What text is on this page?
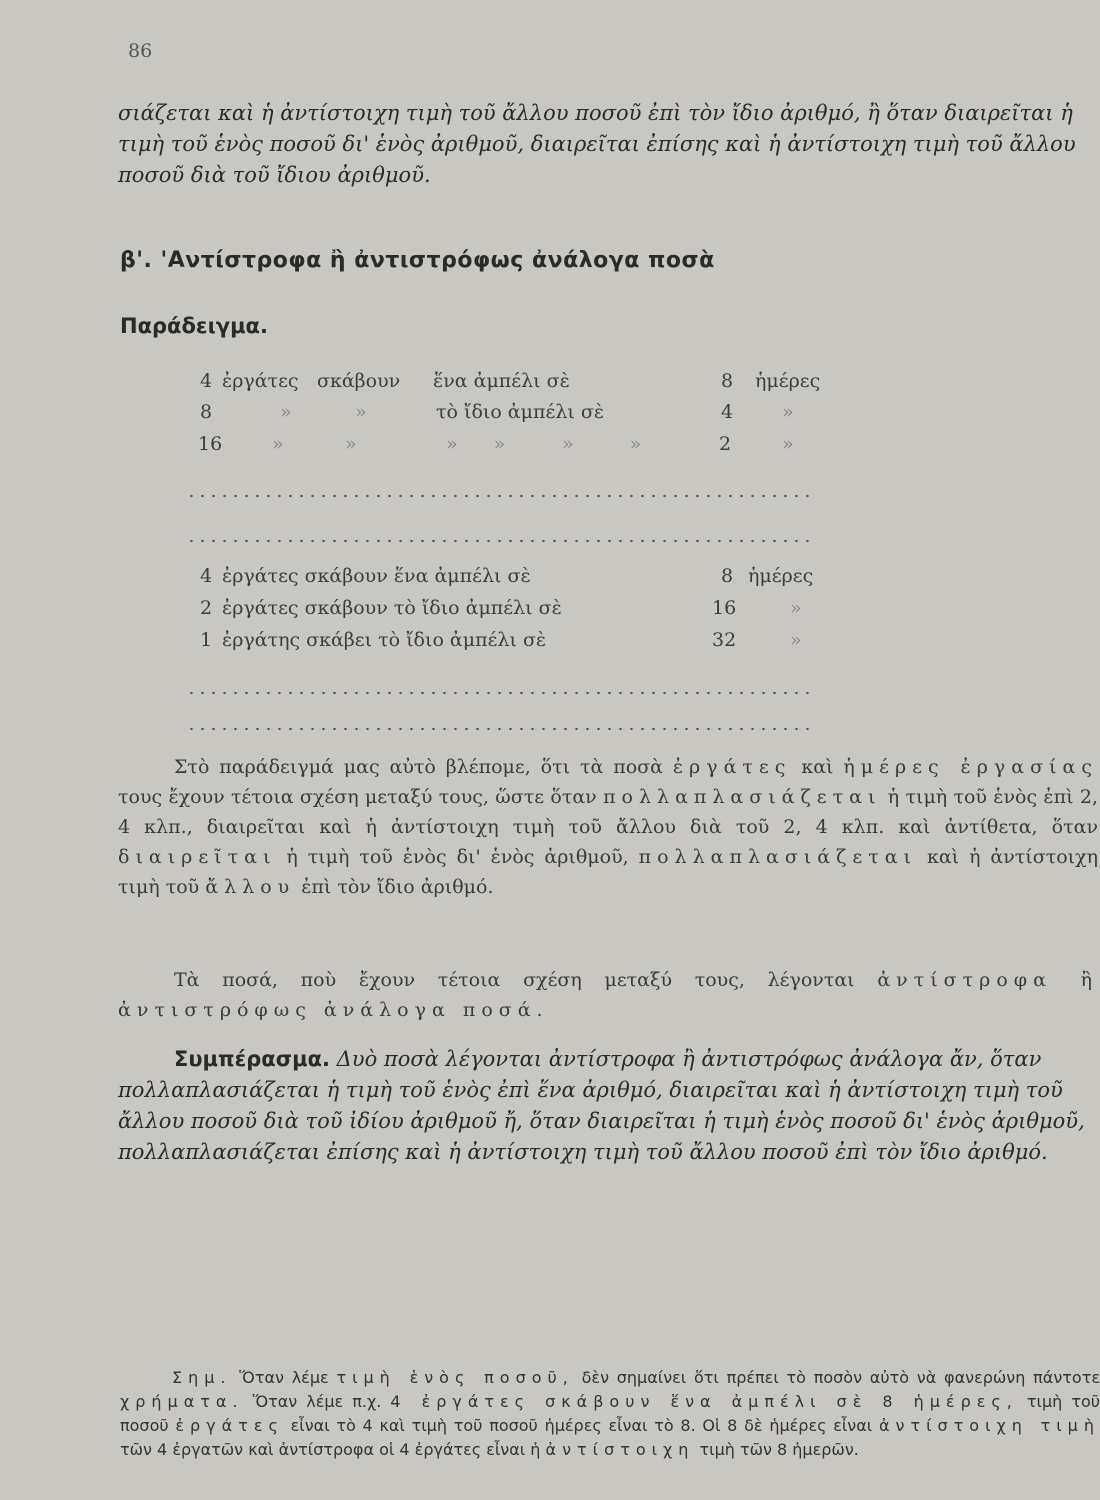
86

σιάζεται καὶ ἡ ἀντίστοιχη τιμὴ τοῦ ἄλλου ποσοῦ ἐπὶ τὸν ἴδιο ἀριθμό, ἢ ὅταν διαιρεῖται ἡ τιμὴ τοῦ ἑνὸς ποσοῦ δι' ἑνὸς ἀριθμοῦ, διαιρεῖται ἐπίσης καὶ ἡ ἀντίστοιχη τιμὴ τοῦ ἄλλου ποσοῦ διὰ τοῦ ἴδιου ἀριθμοῦ.

β'. 'Αντίστροφα ἢ ἀντιστρόφως ἀνάλογα ποσὰ
Παράδειγμα.
4 ἐργάτες σκάβουν ἕνα ἀμπέλι σὲ	8 ἡμέρες
8	»	»	τὸ ἴδιο ἀμπέλι σὲ	4	»
16	»	»	» »	» »	2	»
4 ἐργάτες σκάβουν ἕνα ἀμπέλι σὲ	8 ἡμέρες
2 ἐργάτες σκάβουν τὸ ἴδιο ἀμπέλι σὲ	16	»
1 ἐργάτης σκάβει τὸ ἴδιο ἀμπέλι σὲ	32	»

Στὸ παράδειγμά μας αὐτὸ βλέπομε, ὅτι τὰ ποσὰ ἐργάτες καὶ ἡμέρες ἐργασίας τους ἔχουν τέτοια σχέση μεταξύ τους, ὥστε ὅταν πολλαπλασιάζεται ἡ τιμὴ τοῦ ἑνὸς ἐπὶ 2, 4 κλπ., διαιρεῖται καὶ ἡ ἀντίστοιχη τιμὴ τοῦ ἄλλου διὰ τοῦ 2, 4 κλπ. καὶ ἀντίθετα, ὅταν διαιρεῖται ἡ τιμὴ τοῦ ἑνὸς δι' ἑνὸς ἀριθμοῦ, πολλαπλασιάζεται καὶ ἡ ἀντίστοιχη τιμὴ τοῦ ἄλλου ἐπὶ τὸν ἴδιο ἀριθμό.

Τὰ ποσά, ποὺ ἔχουν τέτοια σχέση μεταξύ τους, λέγονται ἀντίστροφα ἢ ἀντιστρόφως ἀνάλογα ποσά.

Συμπέρασμα. Δυὸ ποσὰ λέγονται ἀντίστροφα ἢ ἀντιστρόφως ἀνάλογα ἄν, ὅταν πολλαπλασιάζεται ἡ τιμὴ τοῦ ἑνὸς ἐπὶ ἕνα ἀριθμό, διαιρεῖται καὶ ἡ ἀντίστοιχη τιμὴ τοῦ ἄλλου ποσοῦ διὰ τοῦ ἰδίου ἀριθμοῦ ἤ, ὅταν διαιρεῖται ἡ τιμὴ ἑνὸς ποσοῦ δι' ἑνὸς ἀριθμοῦ, πολλαπλασιάζεται ἐπίσης καὶ ἡ ἀντίστοιχη τιμὴ τοῦ ἄλλου ποσοῦ ἐπὶ τὸν ἴδιο ἀριθμό.

Σημ. Ὅταν λέμε τιμὴ ἑνὸς ποσοῦ, δὲν σημαίνει ὅτι πρέπει τὸ ποσὸν αὐτὸ νὰ φανερώνη πάντοτε χρήματα. Ὅταν λέμε π.χ. 4 ἐργάτες σκάβουν ἕνα ἀμπέλι σὲ 8 ἡμέρες, τιμὴ τοῦ ποσοῦ ἐργάτες εἶναι τὸ 4 καὶ τιμὴ τοῦ ποσοῦ ἡμέρες εἶναι τὸ 8. Οἱ 8 δὲ ἡμέρες εἶναι ἀντίστοιχη τιμὴ τῶν 4 ἐργατῶν καὶ ἀντίστροφα οἱ 4 ἐργάτες εἶναι ἡ ἀντίστοιχη τιμὴ τῶν 8 ἡμερῶν.
